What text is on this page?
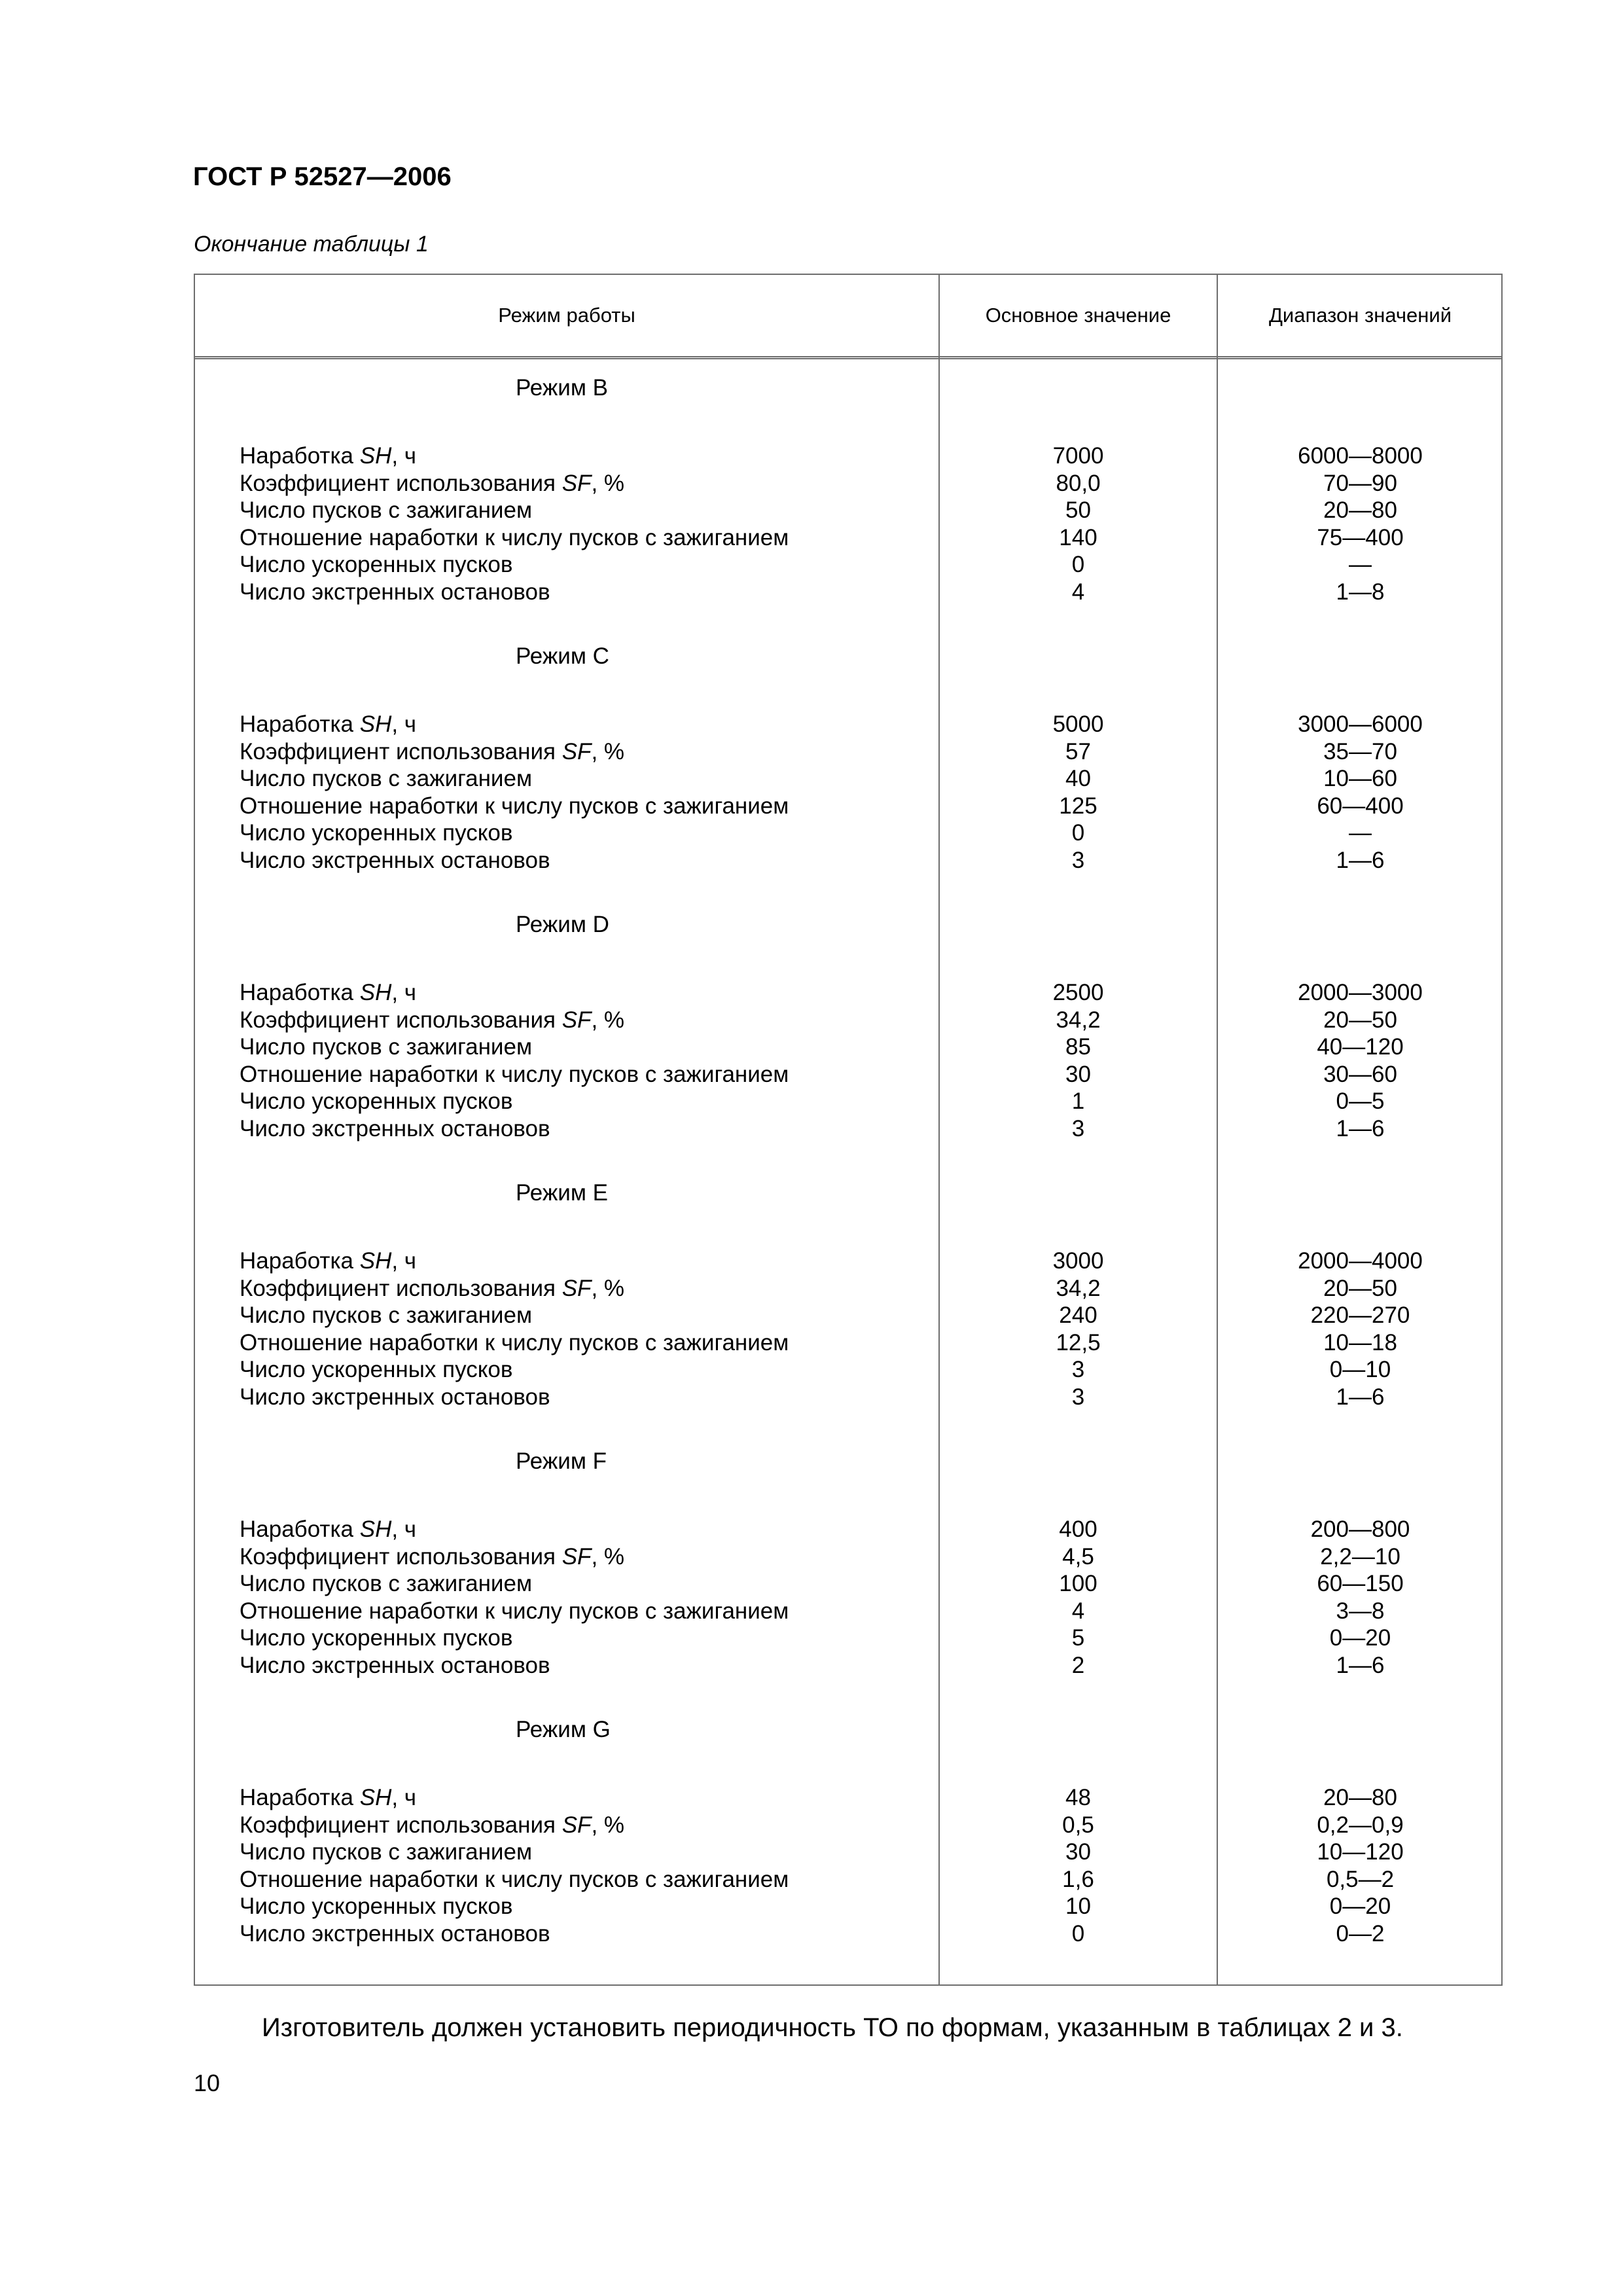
ГОСТ Р 52527—2006

Окончание таблицы 1

Режим работы	Основное значение	Диапазон значений
Режим B
Наработка SH, ч	7000	6000—8000
Коэффициент использования SF, %	80,0	70—90
Число пусков с зажиганием	50	20—80
Отношение наработки к числу пусков с зажиганием	140	75—400
Число ускоренных пусков	0	—
Число экстренных остановов	4	1—8
Режим C
Наработка SH, ч	5000	3000—6000
Коэффициент использования SF, %	57	35—70
Число пусков с зажиганием	40	10—60
Отношение наработки к числу пусков с зажиганием	125	60—400
Число ускоренных пусков	0	—
Число экстренных остановов	3	1—6
Режим D
Наработка SH, ч	2500	2000—3000
Коэффициент использования SF, %	34,2	20—50
Число пусков с зажиганием	85	40—120
Отношение наработки к числу пусков с зажиганием	30	30—60
Число ускоренных пусков	1	0—5
Число экстренных остановов	3	1—6
Режим E
Наработка SH, ч	3000	2000—4000
Коэффициент использования SF, %	34,2	20—50
Число пусков с зажиганием	240	220—270
Отношение наработки к числу пусков с зажиганием	12,5	10—18
Число ускоренных пусков	3	0—10
Число экстренных остановов	3	1—6
Режим F
Наработка SH, ч	400	200—800
Коэффициент использования SF, %	4,5	2,2—10
Число пусков с зажиганием	100	60—150
Отношение наработки к числу пусков с зажиганием	4	3—8
Число ускоренных пусков	5	0—20
Число экстренных остановов	2	1—6
Режим G
Наработка SH, ч	48	20—80
Коэффициент использования SF, %	0,5	0,2—0,9
Число пусков с зажиганием	30	10—120
Отношение наработки к числу пусков с зажиганием	1,6	0,5—2
Число ускоренных пусков	10	0—20
Число экстренных остановов	0	0—2

Изготовитель должен установить периодичность ТО по формам, указанным в таблицах 2 и 3.

10
